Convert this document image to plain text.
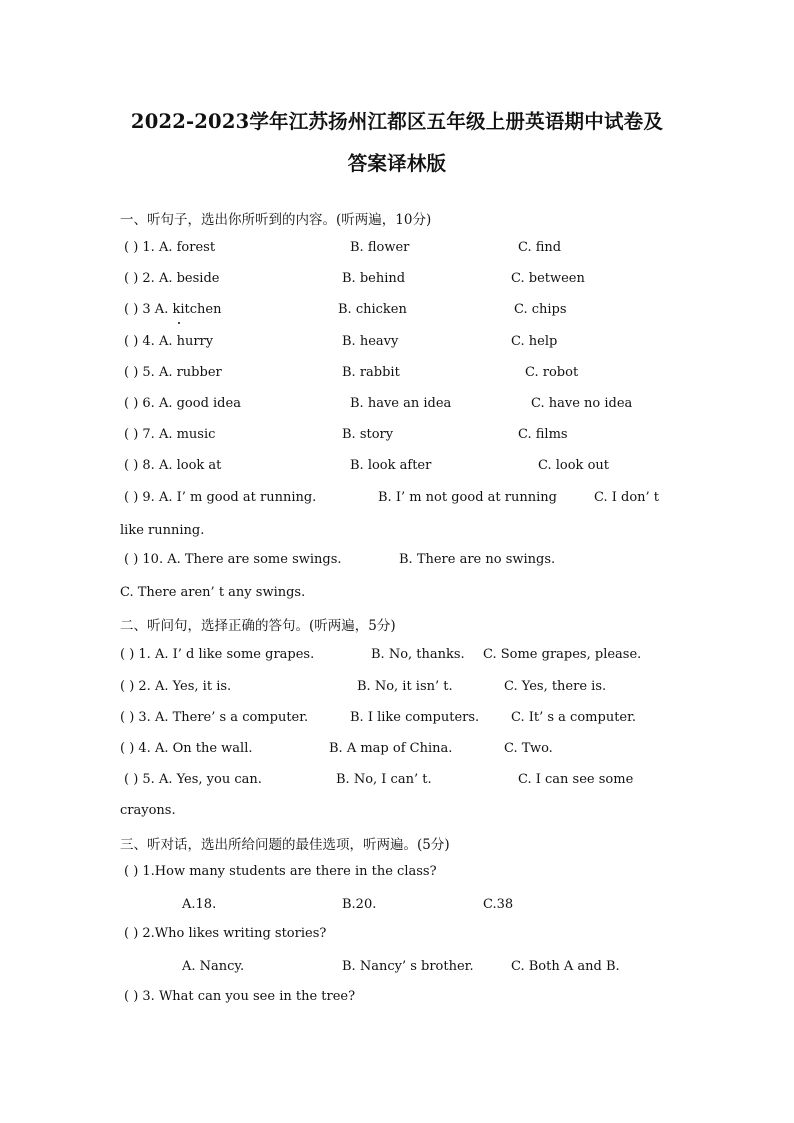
2022-2023学年江苏扬州江都区五年级上册英语期中试卷及
答案译林版
一、听句子，选出你所听到的内容。(听两遍，10分)
( ) 1. A. forest	B. flower	C. find
( ) 2. A. beside	B. behind	C. between
( ) 3 A. kitchen	B. chicken	C. chips
( ) 4. A. hurry	B. heavy	C. help
( ) 5. A. rubber	B. rabbit	C. robot
( ) 6. A. good idea	B. have an idea	C. have no idea
( ) 7. A. music	B. story	C. films
( ) 8. A. look at	B. look after	C. look out
( ) 9. A. I’ m good at running.	B. I’ m not good at running	C. I don’ t
like running.
( ) 10. A. There are some swings.	B. There are no swings.
C. There aren’ t any swings.
二、听问句，选择正确的答句。(听两遍，5分)
( ) 1. A. I’ d like some grapes.	B. No, thanks. C. Some grapes, please.
( ) 2. A. Yes, it is.	B. No, it isn’ t.	C. Yes, there is.
( ) 3. A. There’ s a computer.	B. I like computers. C. It’ s a computer.
( ) 4. A. On the wall.	B. A map of China.	C. Two.
( ) 5. A. Yes, you can.	B. No, I can’ t.	C. I can see some
crayons.
三、听对话，选出所给问题的最佳选项，听两遍。(5分)
( ) 1.How many students are there in the class?
A.18.	B.20.	C.38
( ) 2.Who likes writing stories?
A. Nancy.	B. Nancy’ s brother.	C. Both A and B.
( ) 3. What can you see in the tree?
